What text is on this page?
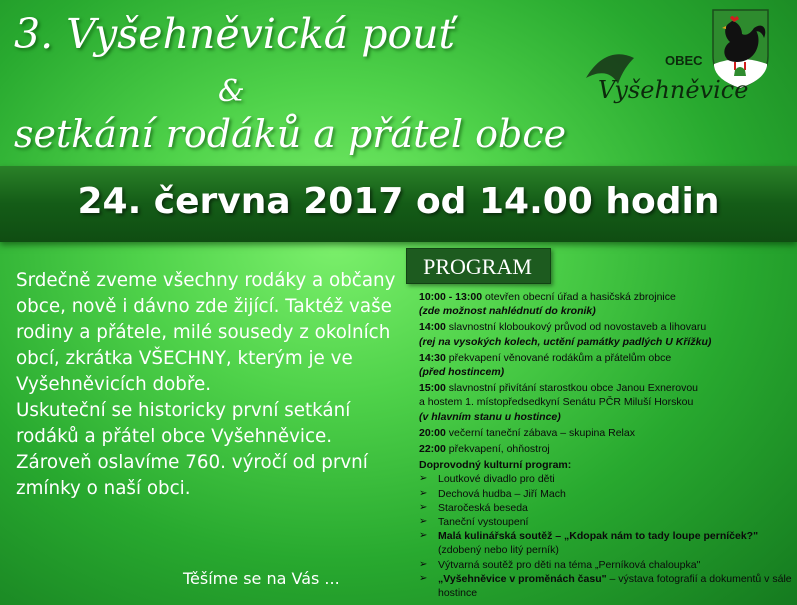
3. Vyšehněvická pouť
&
setkání rodáků a přátel obce
OBEC
Vyšehněvice
24. června 2017 od 14.00 hodin

Srdečně zveme všechny rodáky a občany obce, nově i dávno zde žijící. Taktéž vaše rodiny a přátele, milé sousedy z okolních obcí, zkrátka VŠECHNY, kterým je ve Vyšehněvicích dobře.

Uskuteční se historicky první setkání rodáků a přátel obce Vyšehněvice. Zároveň oslavíme 760. výročí od první zmínky o naší obci.

Těšíme se na Vás ...
PROGRAM
10:00 - 13:00 otevřen obecní úřad a hasičská zbrojnice
(zde možnost nahlédnutí do kronik)
14:00 slavnostní kloboukový průvod od novostaveb a lihovaru
(rej na vysokých kolech, uctění památky padlých U Křížku)
14:30 překvapení věnované rodákům a přátelům obce
(před hostincem)
15:00 slavnostní přivítání starostkou obce Janou Exnerovou
a hostem 1. místopředsedkyní Senátu PČR Miluší Horskou
(v hlavním stanu u hostince)
20:00 večerní taneční zábava – skupina Relax
22:00 překvapení, ohňostroj
Doprovodný kulturní program:
➢ Loutkové divadlo pro děti
➢ Dechová hudba – Jiří Mach
➢ Staročeská beseda
➢ Taneční vystoupení
➢ Malá kulinářská soutěž – „Kdopak nám to tady loupe perníček?" (zdobený nebo litý perník)
➢ Výtvarná soutěž pro děti na téma „Perníková chaloupka"
➢ „Vyšehněvice v proměnách času" – výstava fotografií a dokumentů v sále hostince
